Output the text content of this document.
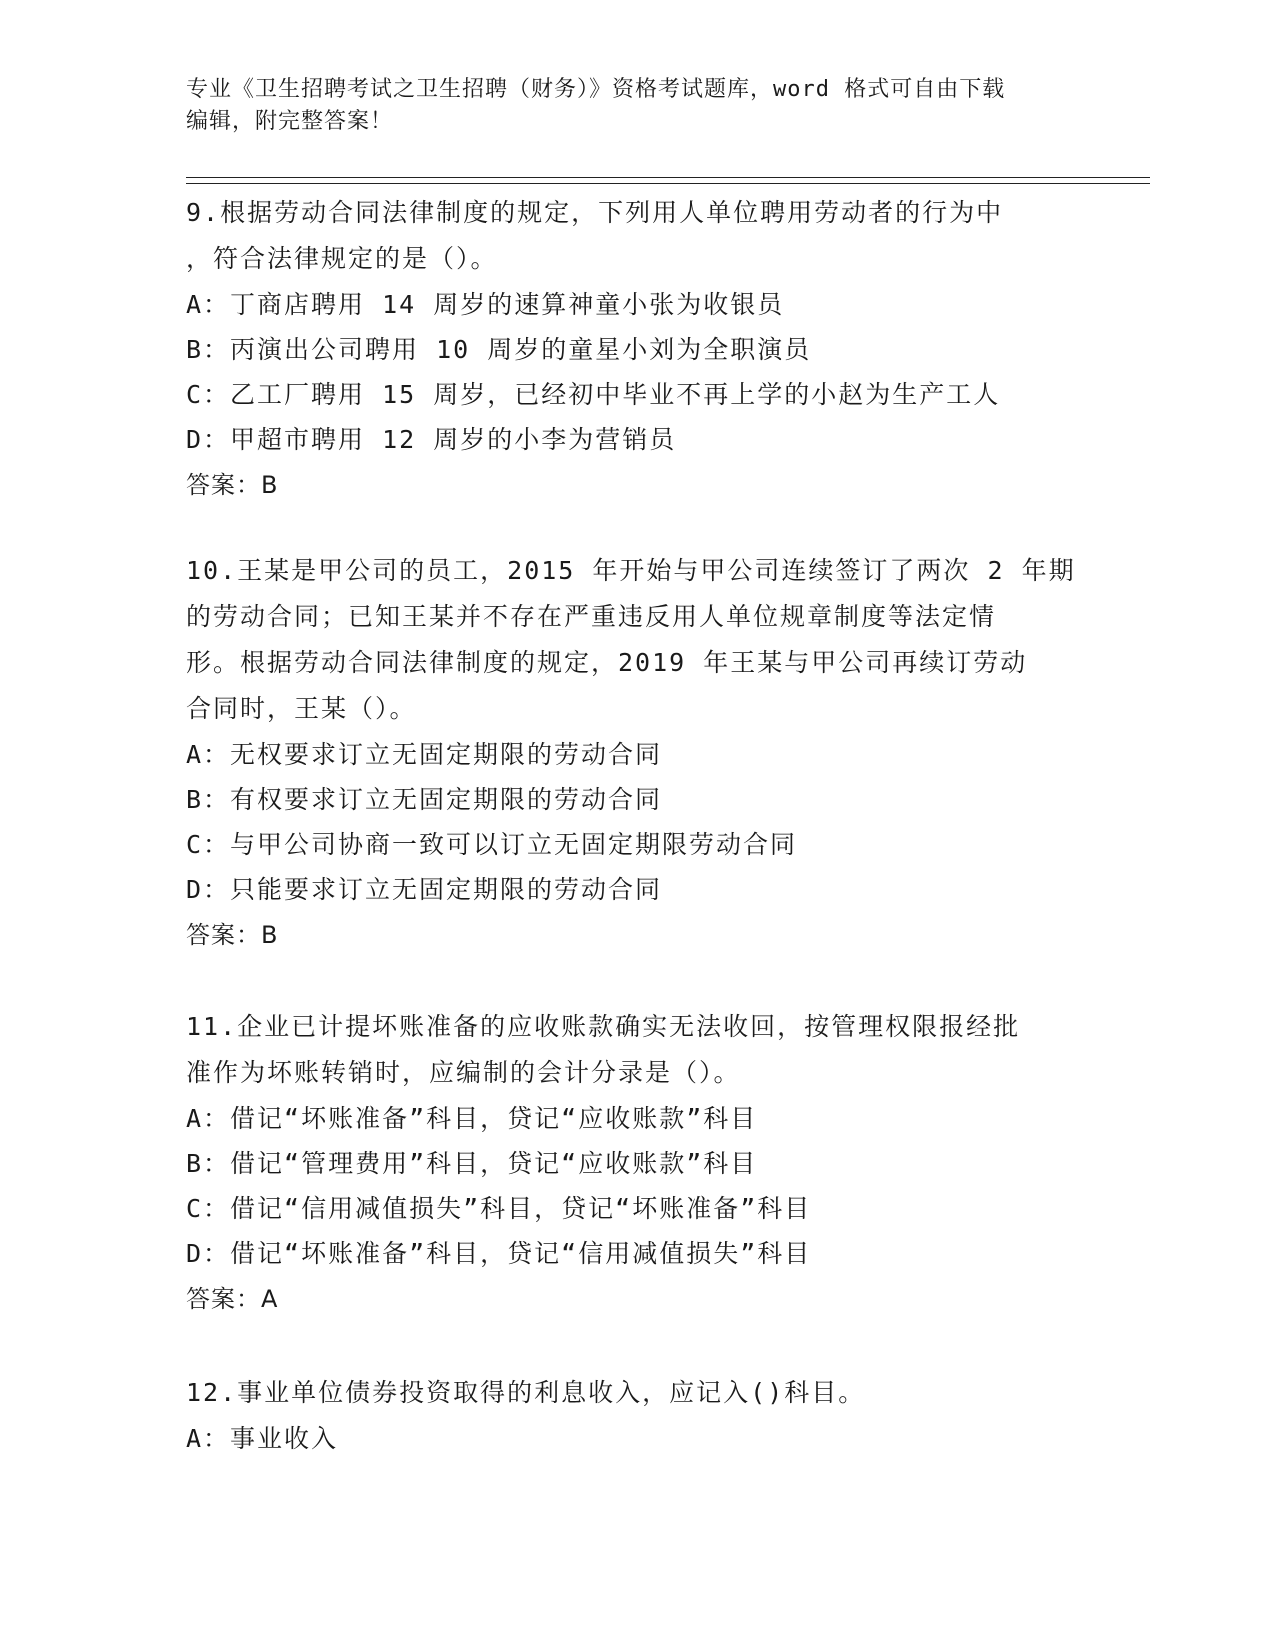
专业《卫生招聘考试之卫生招聘（财务）》资格考试题库，word 格式可自由下载

编辑，附完整答案！

9.根据劳动合同法律制度的规定，下列用人单位聘用劳动者的行为中
，符合法律规定的是（）。
A：丁商店聘用 14 周岁的速算神童小张为收银员
B：丙演出公司聘用 10 周岁的童星小刘为全职演员
C：乙工厂聘用 15 周岁，已经初中毕业不再上学的小赵为生产工人
D：甲超市聘用 12 周岁的小李为营销员
答案：B
10.王某是甲公司的员工，2015 年开始与甲公司连续签订了两次 2 年期
的劳动合同；已知王某并不存在严重违反用人单位规章制度等法定情
形。根据劳动合同法律制度的规定，2019 年王某与甲公司再续订劳动
合同时，王某（）。
A：无权要求订立无固定期限的劳动合同
B：有权要求订立无固定期限的劳动合同
C：与甲公司协商一致可以订立无固定期限劳动合同
D：只能要求订立无固定期限的劳动合同
答案：B
11.企业已计提坏账准备的应收账款确实无法收回，按管理权限报经批
准作为坏账转销时，应编制的会计分录是（）。
A：借记“坏账准备”科目，贷记“应收账款”科目
B：借记“管理费用”科目，贷记“应收账款”科目
C：借记“信用减值损失”科目，贷记“坏账准备”科目
D：借记“坏账准备”科目，贷记“信用减值损失”科目
答案：A
12.事业单位债券投资取得的利息收入，应记入()科目。
A：事业收入
